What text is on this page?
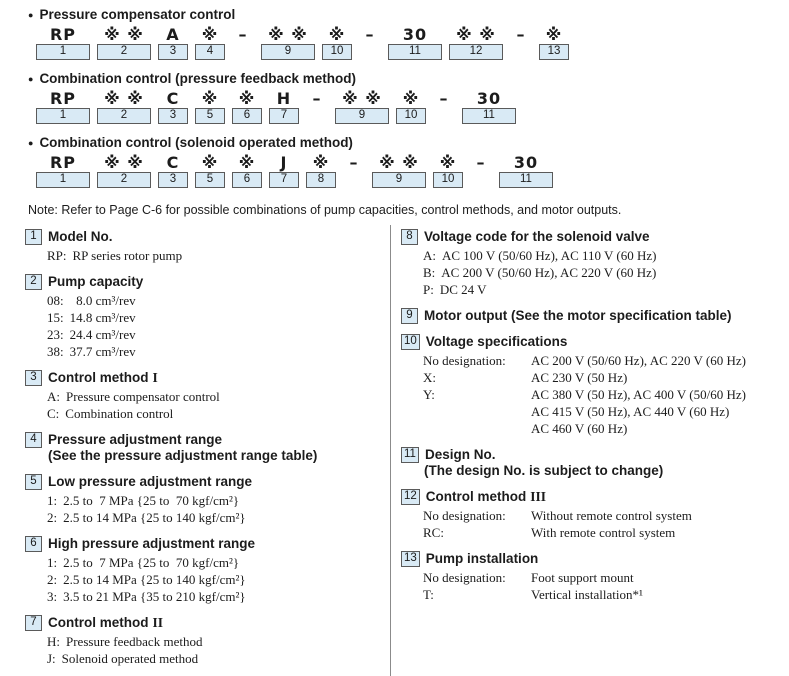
● Pressure compensator control
RP
1
※ ※
2
A
3
※
4
– ※ ※
9
※
10
– 30
11
※ ※
12
– ※
13
● Combination control (pressure feedback method)
RP
1
※ ※
2
C
3
※
5
※
6
H
7
– ※ ※
9
※
10
– 30
11
● Combination control (solenoid operated method)
RP
1
※ ※
2
C
3
※
5
※
6
J
7
※
8
– ※ ※
9
※
10
– 30
11
Note: Refer to Page C-6 for possible combinations of pump capacities, control methods, and motor outputs.
1 Model No.
RP: RP series rotor pump
2 Pump capacity
08: 8.0 cm³/rev
15: 14.8 cm³/rev
23: 24.4 cm³/rev
38: 37.7 cm³/rev
3 Control method I
A: Pressure compensator control
C: Combination control
4 Pressure adjustment range
(See the pressure adjustment range table)
5 Low pressure adjustment range
1: 2.5 to  7 MPa {25 to  70 kgf/cm²}
2: 2.5 to 14 MPa {25 to 140 kgf/cm²}
6 High pressure adjustment range
1: 2.5 to  7 MPa {25 to  70 kgf/cm²}
2: 2.5 to 14 MPa {25 to 140 kgf/cm²}
3: 3.5 to 21 MPa {35 to 210 kgf/cm²}
7 Control method II
H: Pressure feedback method
J: Solenoid operated method
8 Voltage code for the solenoid valve
A: AC 100 V (50/60 Hz), AC 110 V (60 Hz)
B: AC 200 V (50/60 Hz), AC 220 V (60 Hz)
P: DC 24 V
9 Motor output (See the motor specification table)
10 Voltage specifications
No designation:	AC 200 V (50/60 Hz), AC 220 V (60 Hz)
X:	AC 230 V (50 Hz)
Y:	AC 380 V (50 Hz), AC 400 V (50/60 Hz)
AC 415 V (50 Hz), AC 440 V (60 Hz)
AC 460 V (60 Hz)
11 Design No.
(The design No. is subject to change)
12 Control method III
No designation:	Without remote control system
RC:	With remote control system
13 Pump installation
No designation:	Foot support mount
T:	Vertical installation*¹
